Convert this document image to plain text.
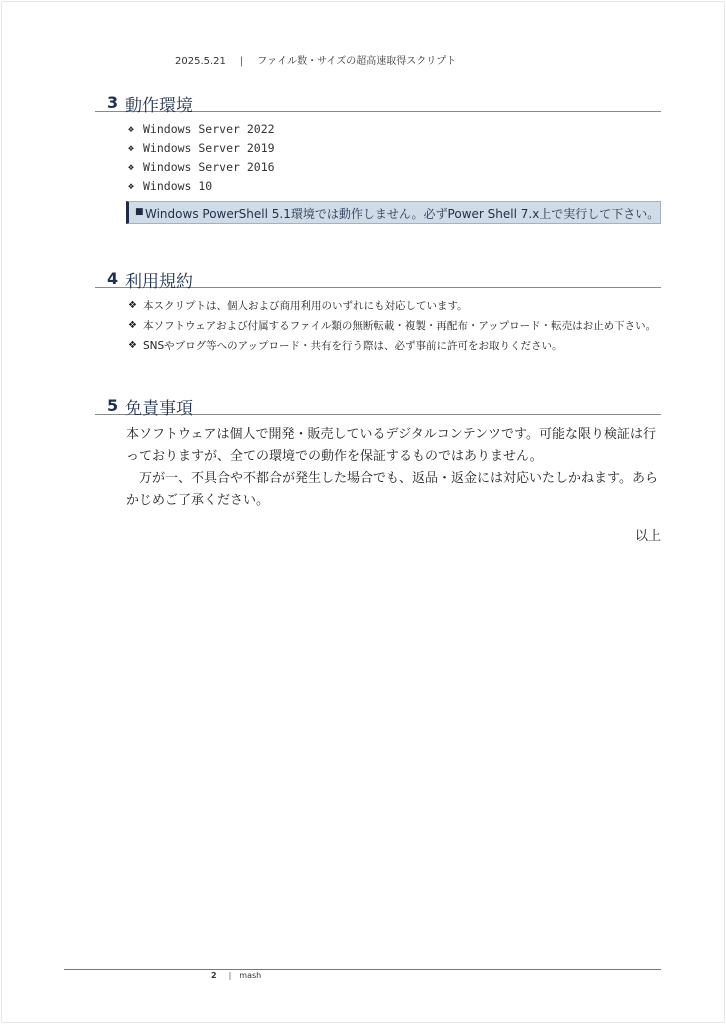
2025.5.21 | ファイル数・サイズの超高速取得スクリプト
3 動作環境
❖ Windows Server 2022
❖ Windows Server 2019
❖ Windows Server 2016
❖ Windows 10
■ Windows PowerShell 5.1環境では動作しません。必ずPower Shell 7.x上で実行して下さい。
4 利用規約
❖ 本スクリプトは、個人および商用利用のいずれにも対応しています。
❖ 本ソフトウェアおよび付属するファイル類の無断転載・複製・再配布・アップロード・転売はお止め下さい。
❖ SNSやブログ等へのアップロード・共有を行う際は、必ず事前に許可をお取りください。
5 免責事項

本ソフトウェアは個人で開発・販売しているデジタルコンテンツです。可能な限り検証は行っておりますが、全ての環境での動作を保証するものではありません。

万が一、不具合や不都合が発生した場合でも、返品・返金には対応いたしかねます。あらかじめご了承ください。

以上
2 | mash
